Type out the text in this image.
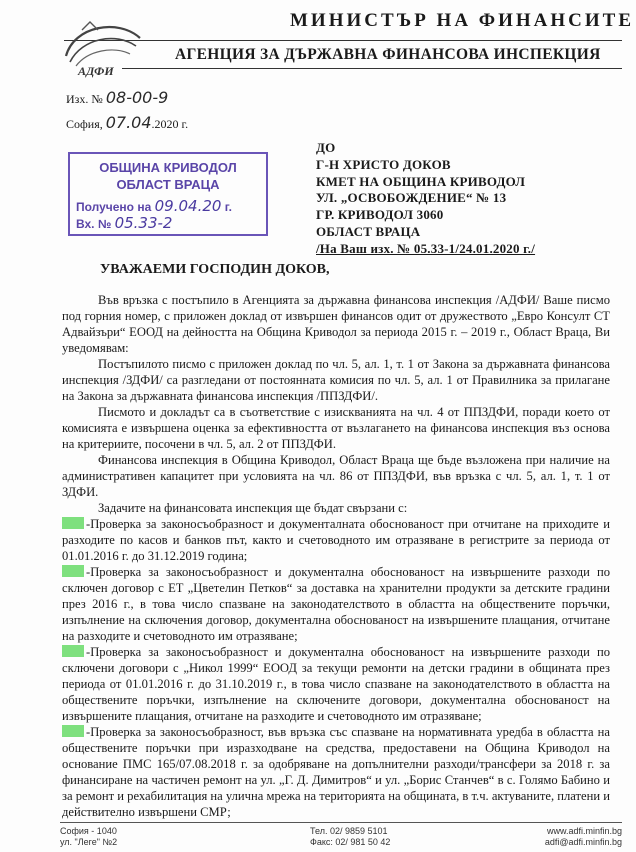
АДФИ
МИНИСТЪР НА ФИНАНСИТЕ
АГЕНЦИЯ ЗА ДЪРЖАВНА ФИНАНСОВА ИНСПЕКЦИЯ
Изх. № 08-00-9
София, 07.04.2020 г.
ОБЩИНА КРИВОДОЛ
ОБЛАСТ ВРАЦА
Получено на 09.04.20 г.
Вх. № 05.33-2
ДО
Г-Н ХРИСТО ДОКОВ
КМЕТ НА ОБЩИНА КРИВОДОЛ
УЛ. „ОСВОБОЖДЕНИЕ“ № 13
ГР. КРИВОДОЛ 3060
ОБЛАСТ ВРАЦА
/На Ваш изх. № 05.33-1/24.01.2020 г./
УВАЖАЕМИ ГОСПОДИН ДОКОВ,

Във връзка с постъпило в Агенцията за държавна финансова инспекция /АДФИ/ Ваше писмо под горния номер, с приложен доклад от извършен финансов одит от дружеството „Евро Консулт СТ Адвайзъри“ ЕООД на дейността на Община Криводол за периода 2015 г. – 2019 г., Област Враца, Ви уведомявам:

Постъпилото писмо с приложен доклад по чл. 5, ал. 1, т. 1 от Закона за държавната финансова инспекция /ЗДФИ/ са разгледани от постоянната комисия по чл. 5, ал. 1 от Правилника за прилагане на Закона за държавната финансова инспекция /ППЗДФИ/.

Писмото и докладът са в съответствие с изискванията на чл. 4 от ППЗДФИ, поради което от комисията е извършена оценка за ефективността от възлагането на финансова инспекция въз основа на критериите, посочени в чл. 5, ал. 2 от ППЗДФИ.

Финансова инспекция в Община Криводол, Област Враца ще бъде възложена при наличие на административен капацитет при условията на чл. 86 от ППЗДФИ, във връзка с чл. 5, ал. 1, т. 1 от ЗДФИ.

Задачите на финансовата инспекция ще бъдат свързани с:

-Проверка за законосъобразност и документалната обоснованост при отчитане на приходите и разходите по касов и банков път, както и счетоводното им отразяване в регистрите за периода от 01.01.2016 г. до 31.12.2019 година;

-Проверка за законосъобразност и документална обоснованост на извършените разходи по сключен договор с ЕТ „Цветелин Петков“ за доставка на хранителни продукти за детските градини през 2016 г., в това число спазване на законодателството в областта на обществените поръчки, изпълнение на сключения договор, документална обоснованост на извършените плащания, отчитане на разходите и счетоводното им отразяване;

-Проверка за законосъобразност и документална обоснованост на извършените разходи по сключени договори с „Никол 1999“ ЕООД за текущи ремонти на детски градини в общината през периода от 01.01.2016 г. до 31.10.2019 г., в това число спазване на законодателството в областта на обществените поръчки, изпълнение на сключените договори, документална обоснованост на извършените плащания, отчитане на разходите и счетоводното им отразяване;

-Проверка за законосъобразност, във връзка със спазване на нормативната уредба в областта на обществените поръчки при изразходване на средства, предоставени на Община Криводол на основание ПМС 165/07.08.2018 г. за одобряване на допълнителни разходи/трансфери за 2018 г. за финансиране на частичен ремонт на ул. „Г. Д. Димитров“ и ул. „Борис Станчев“ в с. Голямо Бабино и за ремонт и рехабилитация на улична мрежа на територията на общината, в т.ч. актуваните, платени и действително извършени СМР;

София - 1040
ул. "Леге" №2
Тел. 02/ 9859 5101
Факс: 02/ 981 50 42
www.adfi.minfin.bg
adfi@adfi.minfin.bg
